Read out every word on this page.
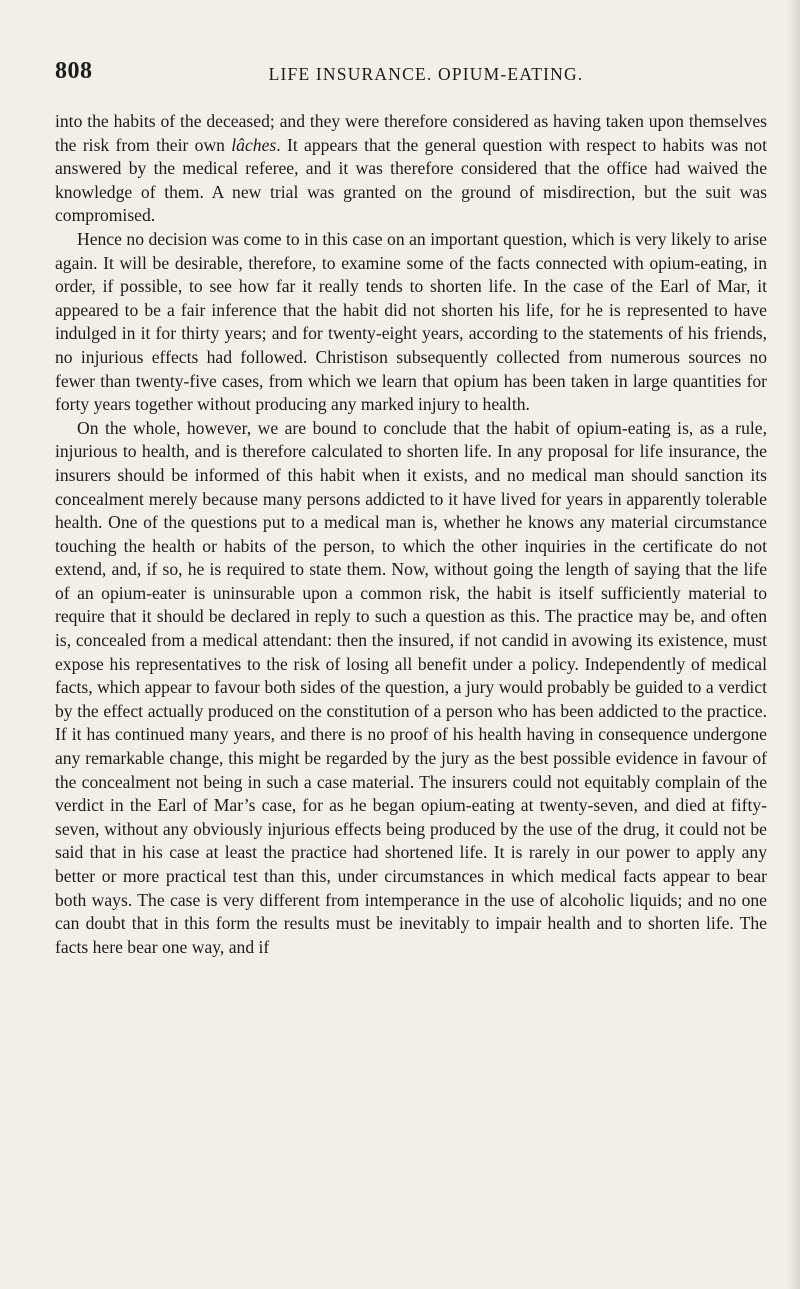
808	LIFE INSURANCE. OPIUM-EATING.

into the habits of the deceased; and they were therefore considered as having taken upon themselves the risk from their own lâches. It appears that the general question with respect to habits was not answered by the medical referee, and it was therefore considered that the office had waived the knowledge of them. A new trial was granted on the ground of misdirection, but the suit was compromised.

Hence no decision was come to in this case on an important question, which is very likely to arise again. It will be desirable, therefore, to examine some of the facts connected with opium-eating, in order, if possible, to see how far it really tends to shorten life. In the case of the Earl of Mar, it appeared to be a fair inference that the habit did not shorten his life, for he is represented to have indulged in it for thirty years; and for twenty-eight years, according to the statements of his friends, no injurious effects had followed. Christison subsequently collected from numerous sources no fewer than twenty-five cases, from which we learn that opium has been taken in large quantities for forty years together without producing any marked injury to health.

On the whole, however, we are bound to conclude that the habit of opium-eating is, as a rule, injurious to health, and is therefore calculated to shorten life. In any proposal for life insurance, the insurers should be informed of this habit when it exists, and no medical man should sanction its concealment merely because many persons addicted to it have lived for years in apparently tolerable health. One of the questions put to a medical man is, whether he knows any material circumstance touching the health or habits of the person, to which the other inquiries in the certificate do not extend, and, if so, he is required to state them. Now, without going the length of saying that the life of an opium-eater is uninsurable upon a common risk, the habit is itself sufficiently material to require that it should be declared in reply to such a question as this. The practice may be, and often is, concealed from a medical attendant: then the insured, if not candid in avowing its existence, must expose his representatives to the risk of losing all benefit under a policy. Independently of medical facts, which appear to favour both sides of the question, a jury would probably be guided to a verdict by the effect actually produced on the constitution of a person who has been addicted to the practice. If it has continued many years, and there is no proof of his health having in consequence undergone any remarkable change, this might be regarded by the jury as the best possible evidence in favour of the concealment not being in such a case material. The insurers could not equitably complain of the verdict in the Earl of Mar’s case, for as he began opium-eating at twenty-seven, and died at fifty-seven, without any obviously injurious effects being produced by the use of the drug, it could not be said that in his case at least the practice had shortened life. It is rarely in our power to apply any better or more practical test than this, under circumstances in which medical facts appear to bear both ways. The case is very different from intemperance in the use of alcoholic liquids; and no one can doubt that in this form the results must be inevitably to impair health and to shorten life. The facts here bear one way, and if
